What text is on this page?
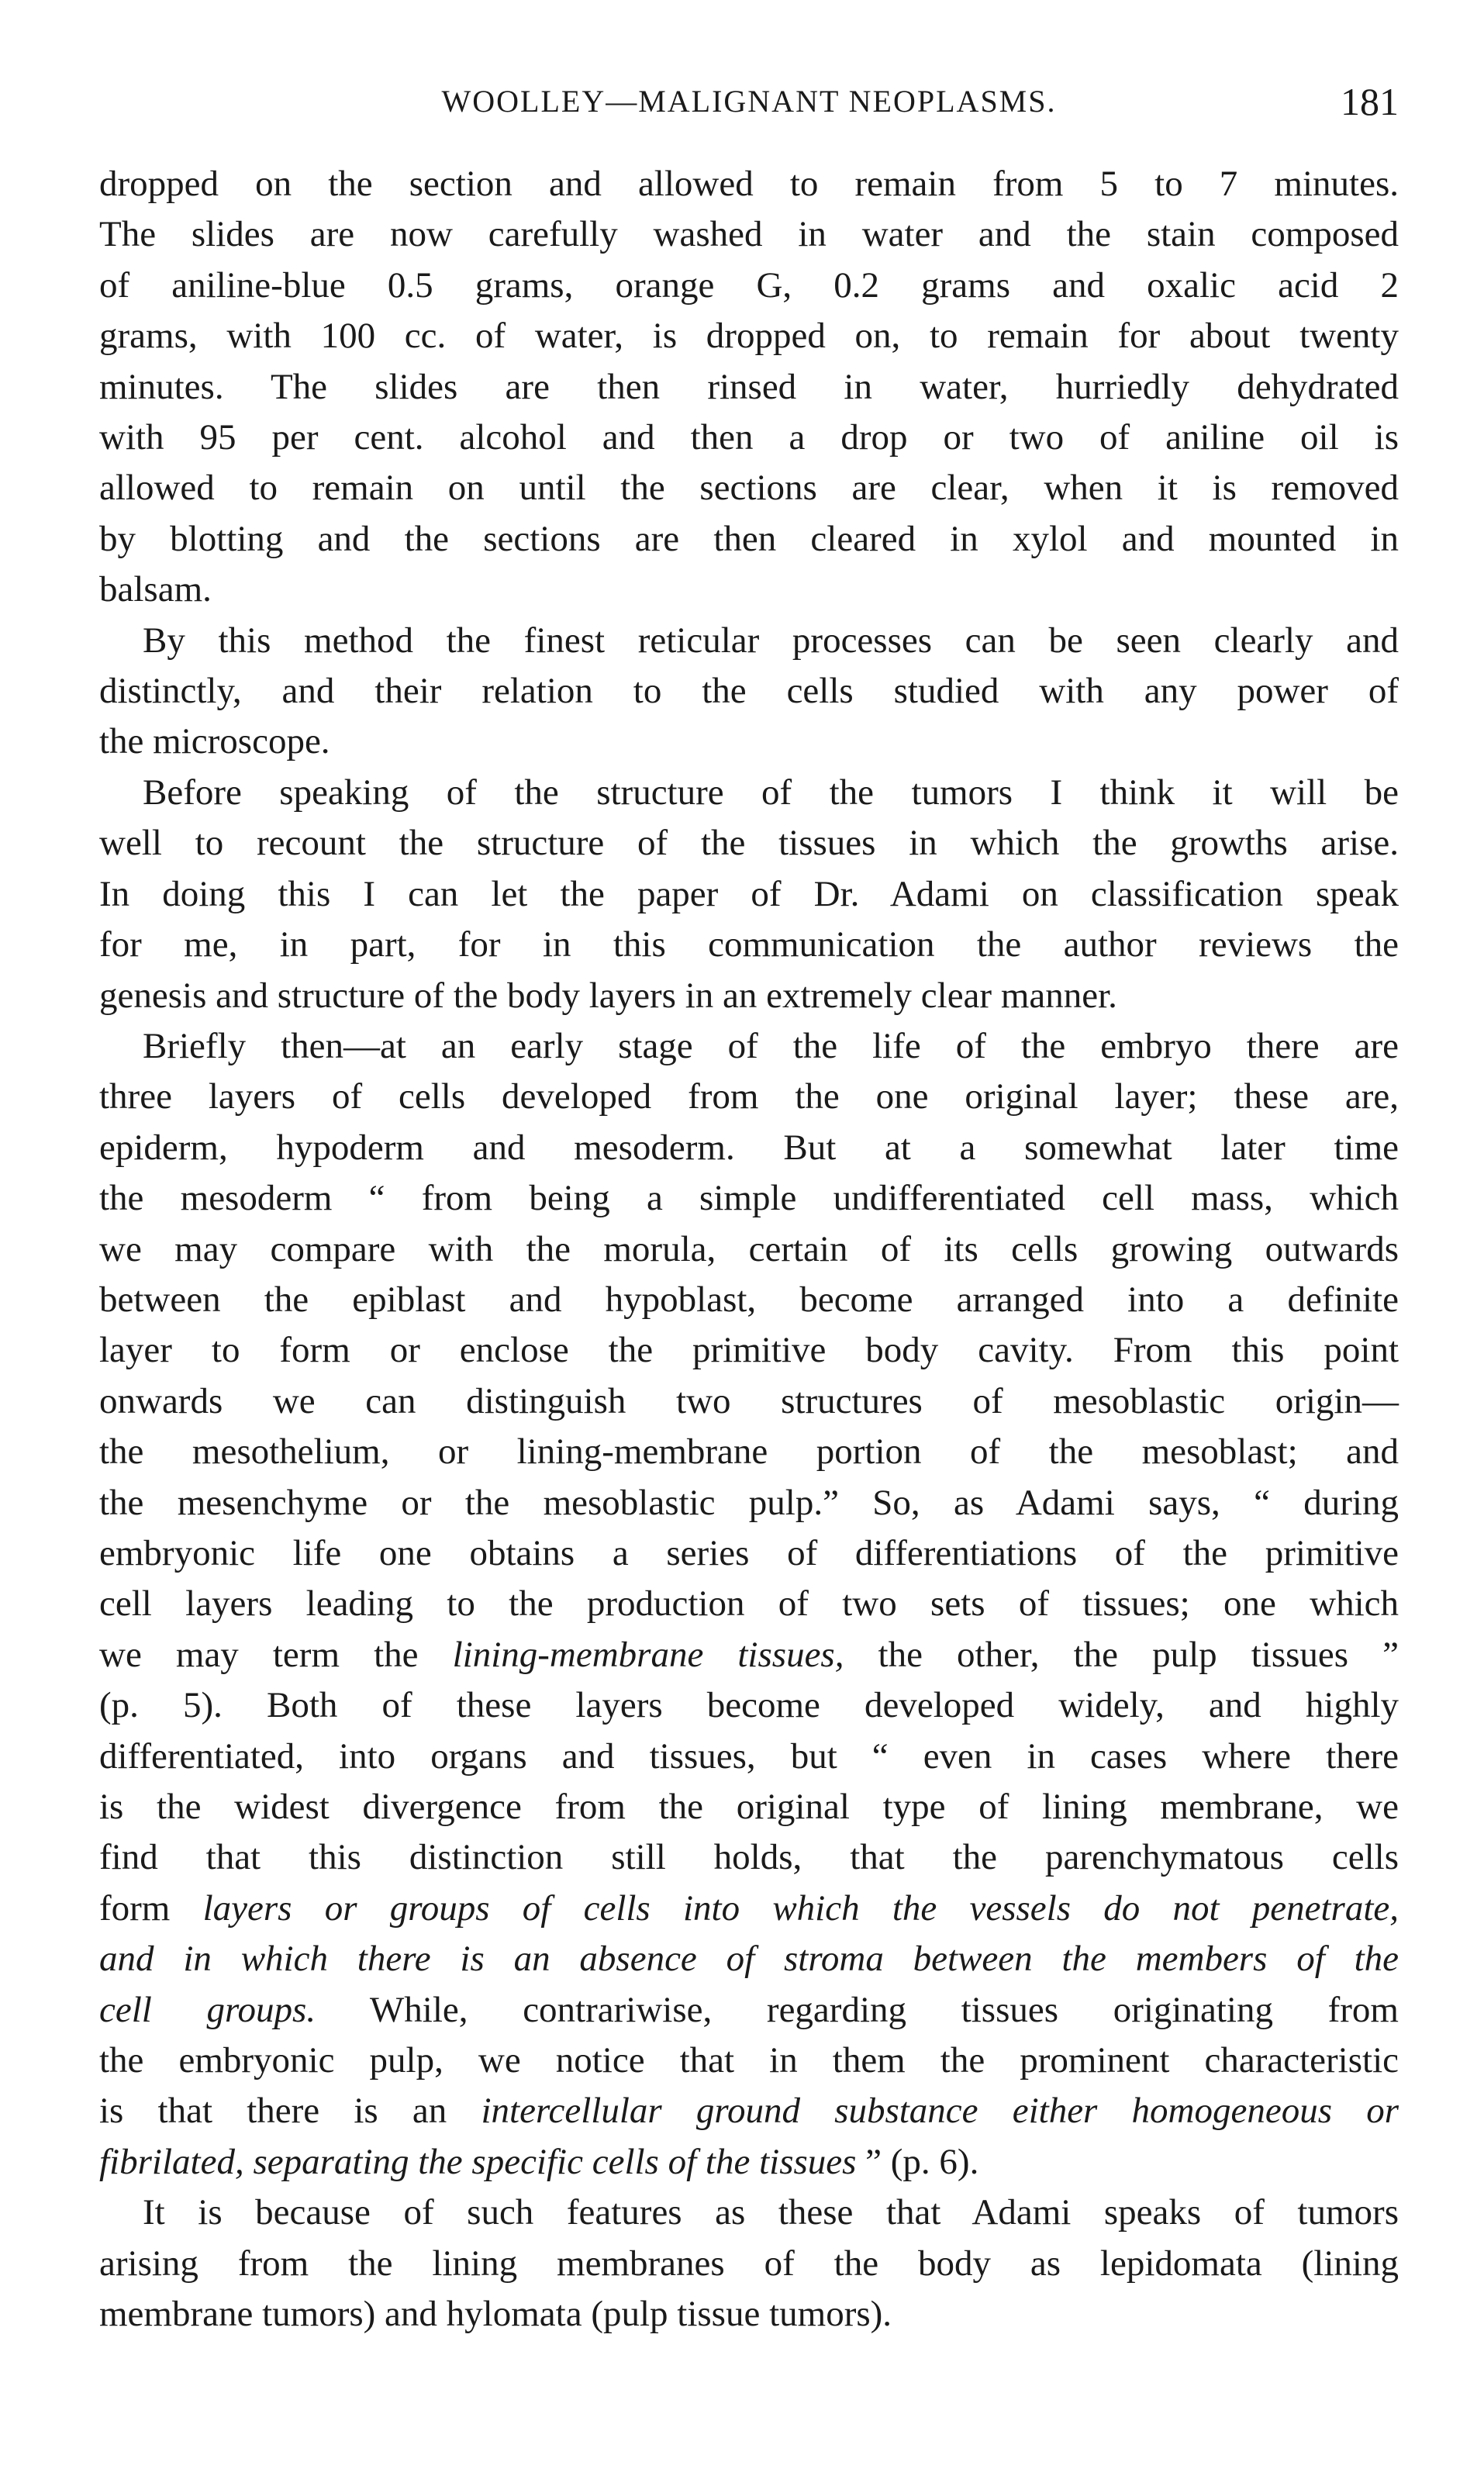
WOOLLEY—MALIGNANT NEOPLASMS.	181

dropped on the section and allowed to remain from 5 to 7 minutes.
The slides are now carefully washed in water and the stain composed
of aniline-blue 0.5 grams, orange G, 0.2 grams and oxalic acid 2
grams, with 100 cc. of water, is dropped on, to remain for about twenty
minutes. The slides are then rinsed in water, hurriedly dehydrated
with 95 per cent. alcohol and then a drop or two of aniline oil is
allowed to remain on until the sections are clear, when it is removed
by blotting and the sections are then cleared in xylol and mounted in
balsam.

By this method the finest reticular processes can be seen clearly and
distinctly, and their relation to the cells studied with any power of
the microscope.

Before speaking of the structure of the tumors I think it will be
well to recount the structure of the tissues in which the growths arise.
In doing this I can let the paper of Dr. Adami on classification speak
for me, in part, for in this communication the author reviews the
genesis and structure of the body layers in an extremely clear manner.

Briefly then—at an early stage of the life of the embryo there are
three layers of cells developed from the one original layer; these are,
epiderm, hypoderm and mesoderm. But at a somewhat later time
the mesoderm “ from being a simple undifferentiated cell mass, which
we may compare with the morula, certain of its cells growing outwards
between the epiblast and hypoblast, become arranged into a definite
layer to form or enclose the primitive body cavity. From this point
onwards we can distinguish two structures of mesoblastic origin—
the mesothelium, or lining-membrane portion of the mesoblast; and
the mesenchyme or the mesoblastic pulp.” So, as Adami says, “ during
embryonic life one obtains a series of differentiations of the primitive
cell layers leading to the production of two sets of tissues; one which
we may term the lining-membrane tissues, the other, the pulp tissues ”
(p. 5). Both of these layers become developed widely, and highly
differentiated, into organs and tissues, but “ even in cases where there
is the widest divergence from the original type of lining membrane, we
find that this distinction still holds, that the parenchymatous cells
form layers or groups of cells into which the vessels do not penetrate,
and in which there is an absence of stroma between the members of the
cell groups. While, contrariwise, regarding tissues originating from
the embryonic pulp, we notice that in them the prominent characteristic
is that there is an intercellular ground substance either homogeneous or
fibrilated, separating the specific cells of the tissues ” (p. 6).

It is because of such features as these that Adami speaks of tumors
arising from the lining membranes of the body as lepidomata (lining
membrane tumors) and hylomata (pulp tissue tumors).
